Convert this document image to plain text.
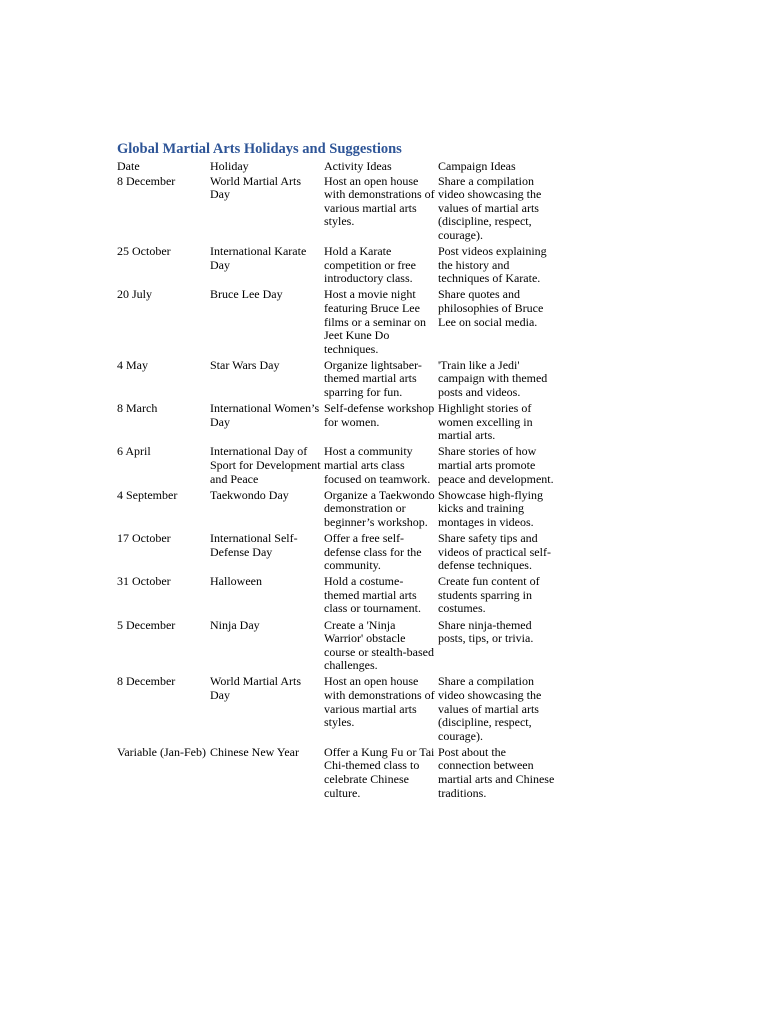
Global Martial Arts Holidays and Suggestions
Date	Holiday	Activity Ideas	Campaign Ideas
8 December	World Martial Arts Day	Host an open house with demonstrations of various martial arts styles.	Share a compilation video showcasing the values of martial arts (discipline, respect, courage).
25 October	International Karate Day	Hold a Karate competition or free introductory class.	Post videos explaining the history and techniques of Karate.
20 July	Bruce Lee Day	Host a movie night featuring Bruce Lee films or a seminar on Jeet Kune Do techniques.	Share quotes and philosophies of Bruce Lee on social media.
4 May	Star Wars Day	Organize lightsaber-themed martial arts sparring for fun.	'Train like a Jedi' campaign with themed posts and videos.
8 March	International Women’s Day	Self-defense workshop for women.	Highlight stories of women excelling in martial arts.
6 April	International Day of Sport for Development and Peace	Host a community martial arts class focused on teamwork.	Share stories of how martial arts promote peace and development.
4 September	Taekwondo Day	Organize a Taekwondo demonstration or beginner’s workshop.	Showcase high-flying kicks and training montages in videos.
17 October	International Self-Defense Day	Offer a free self-defense class for the community.	Share safety tips and videos of practical self-defense techniques.
31 October	Halloween	Hold a costume-themed martial arts class or tournament.	Create fun content of students sparring in costumes.
5 December	Ninja Day	Create a 'Ninja Warrior' obstacle course or stealth-based challenges.	Share ninja-themed posts, tips, or trivia.
8 December	World Martial Arts Day	Host an open house with demonstrations of various martial arts styles.	Share a compilation video showcasing the values of martial arts (discipline, respect, courage).
Variable (Jan-Feb)	Chinese New Year	Offer a Kung Fu or Tai Chi-themed class to celebrate Chinese culture.	Post about the connection between martial arts and Chinese traditions.
